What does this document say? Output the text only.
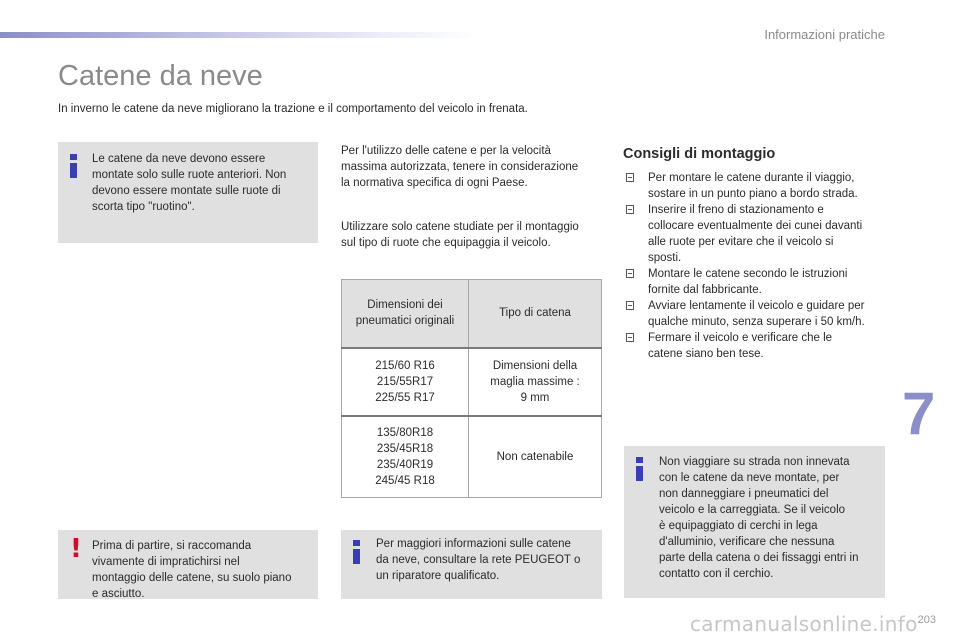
Informazioni pratiche
Catene da neve

In inverno le catene da neve migliorano la trazione e il comportamento del veicolo in frenata.

Le catene da neve devono essere
montate solo sulle ruote anteriori. Non
devono essere montate sulle ruote di
scorta tipo "ruotino".
! Prima di partire, si raccomanda
vivamente di impratichirsi nel
montaggio delle catene, su suolo piano
e asciutto.
Per l'utilizzo delle catene e per la velocità
massima autorizzata, tenere in considerazione
la normativa specifica di ogni Paese.
Utilizzare solo catene studiate per il montaggio
sul tipo di ruote che equipaggia il veicolo.
Dimensioni dei
pneumatici originali	Tipo di catena
215/60 R16
215/55R17
225/55 R17	Dimensioni della
maglia massime :
9 mm
135/80R18
235/45R18
235/40R19
245/45 R18	Non catenabile
Per maggiori informazioni sulle catene
da neve, consultare la rete PEUGEOT o
un riparatore qualificato.
Consigli di montaggio
Per montare le catene durante il viaggio,
sostare in un punto piano a bordo strada.
Inserire il freno di stazionamento e
collocare eventualmente dei cunei davanti
alle ruote per evitare che il veicolo si
sposti.
Montare le catene secondo le istruzioni
fornite dal fabbricante.
Avviare lentamente il veicolo e guidare per
qualche minuto, senza superare i 50 km/h.
Fermare il veicolo e verificare che le
catene siano ben tese.
Non viaggiare su strada non innevata
con le catene da neve montate, per
non danneggiare i pneumatici del
veicolo e la carreggiata. Se il veicolo
è equipaggiato di cerchi in lega
d'alluminio, verificare che nessuna
parte della catena o dei fissaggi entri in
contatto con il cerchio.
7
carmanualsonline.info 203
